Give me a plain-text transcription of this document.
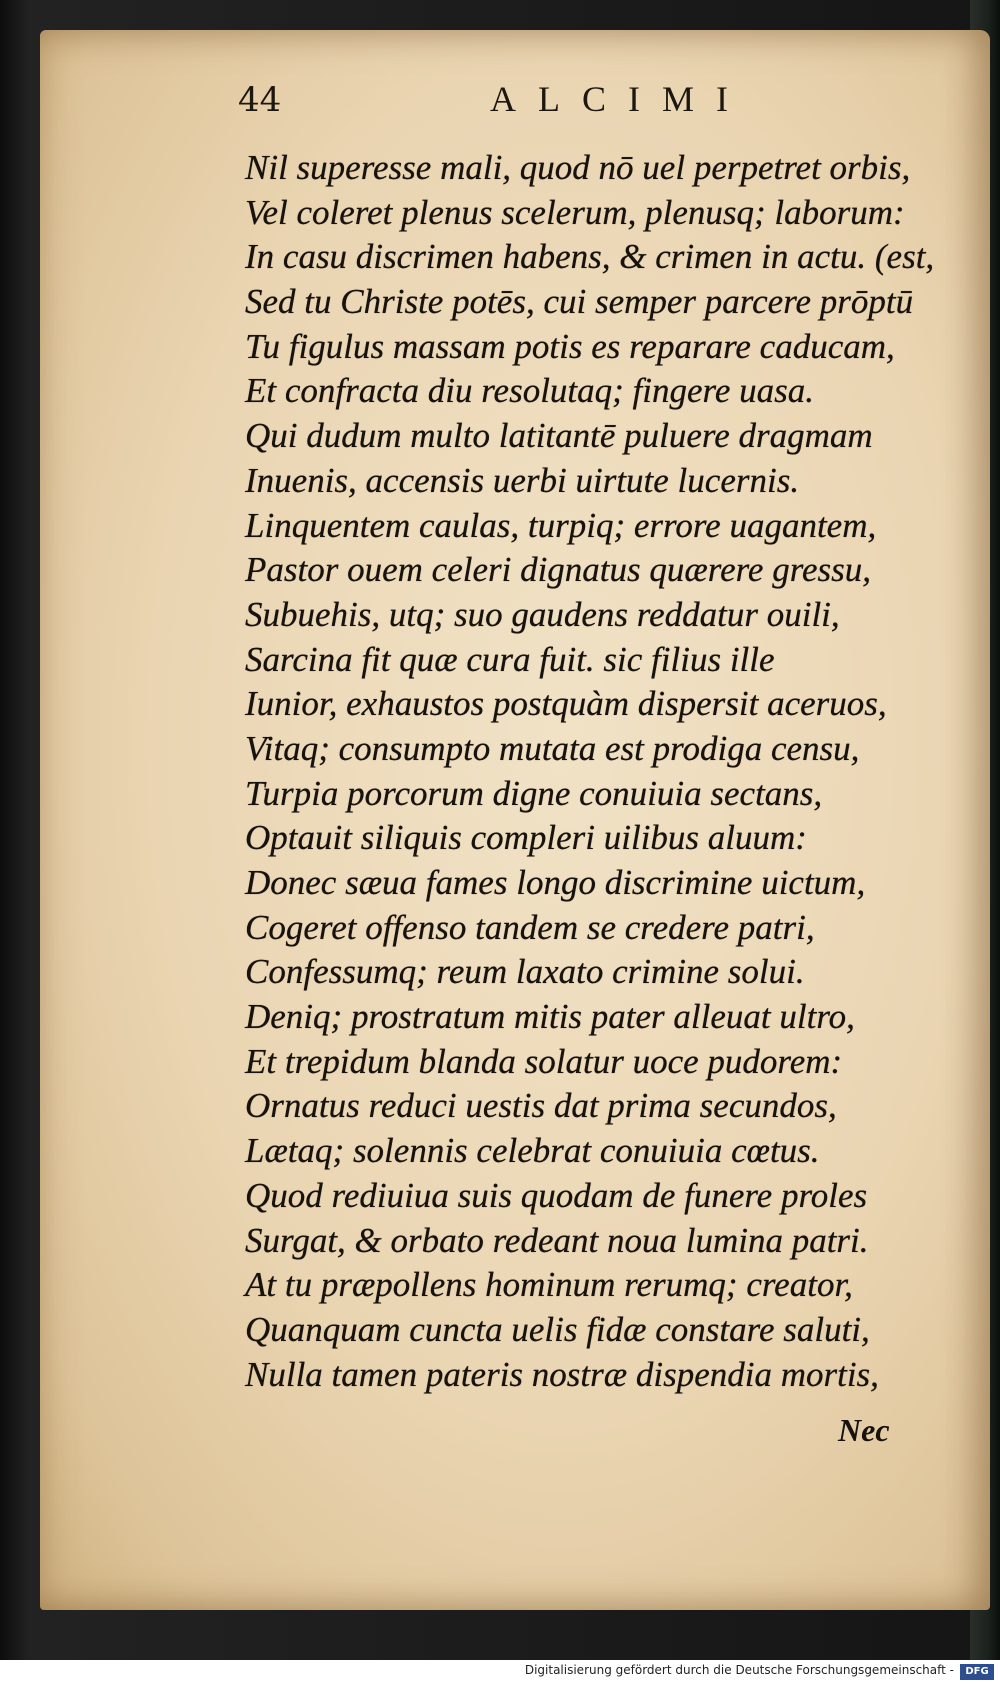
44	ALCIMI
Nil superesse mali, quod nō uel perpetret orbis,
Vel coleret plenus scelerum, plenusq; laborum:
In casu discrimen habens, & crimen in actu. (est,
Sed tu Christe potēs, cui semper parcere prōptū
Tu figulus massam potis es reparare caducam,
Et confracta diu resolutaq; fingere uasa.
Qui dudum multo latitantē puluere dragmam
Inuenis, accensis uerbi uirtute lucernis.
Linquentem caulas, turpiq; errore uagantem,
Pastor ouem celeri dignatus quærere gressu,
Subuehis, utq; suo gaudens reddatur ouili,
Sarcina fit quæ cura fuit. sic filius ille
Iunior, exhaustos postquàm dispersit aceruos,
Vitaq; consumpto mutata est prodiga censu,
Turpia porcorum digne conuiuia sectans,
Optauit siliquis compleri uilibus aluum:
Donec sæua fames longo discrimine uictum,
Cogeret offenso tandem se credere patri,
Confessumq; reum laxato crimine solui.
Deniq; prostratum mitis pater alleuat ultro,
Et trepidum blanda solatur uoce pudorem:
Ornatus reduci uestis dat prima secundos,
Lætaq; solennis celebrat conuiuia cœtus.
Quod rediuiua suis quodam de funere proles
Surgat, & orbato redeant noua lumina patri.
At tu præpollens hominum rerumq; creator,
Quanquam cuncta uelis fidæ constare saluti,
Nulla tamen pateris nostræ dispendia mortis,
Nec
Digitalisierung gefördert durch die Deutsche Forschungsgemeinschaft -	DFG
